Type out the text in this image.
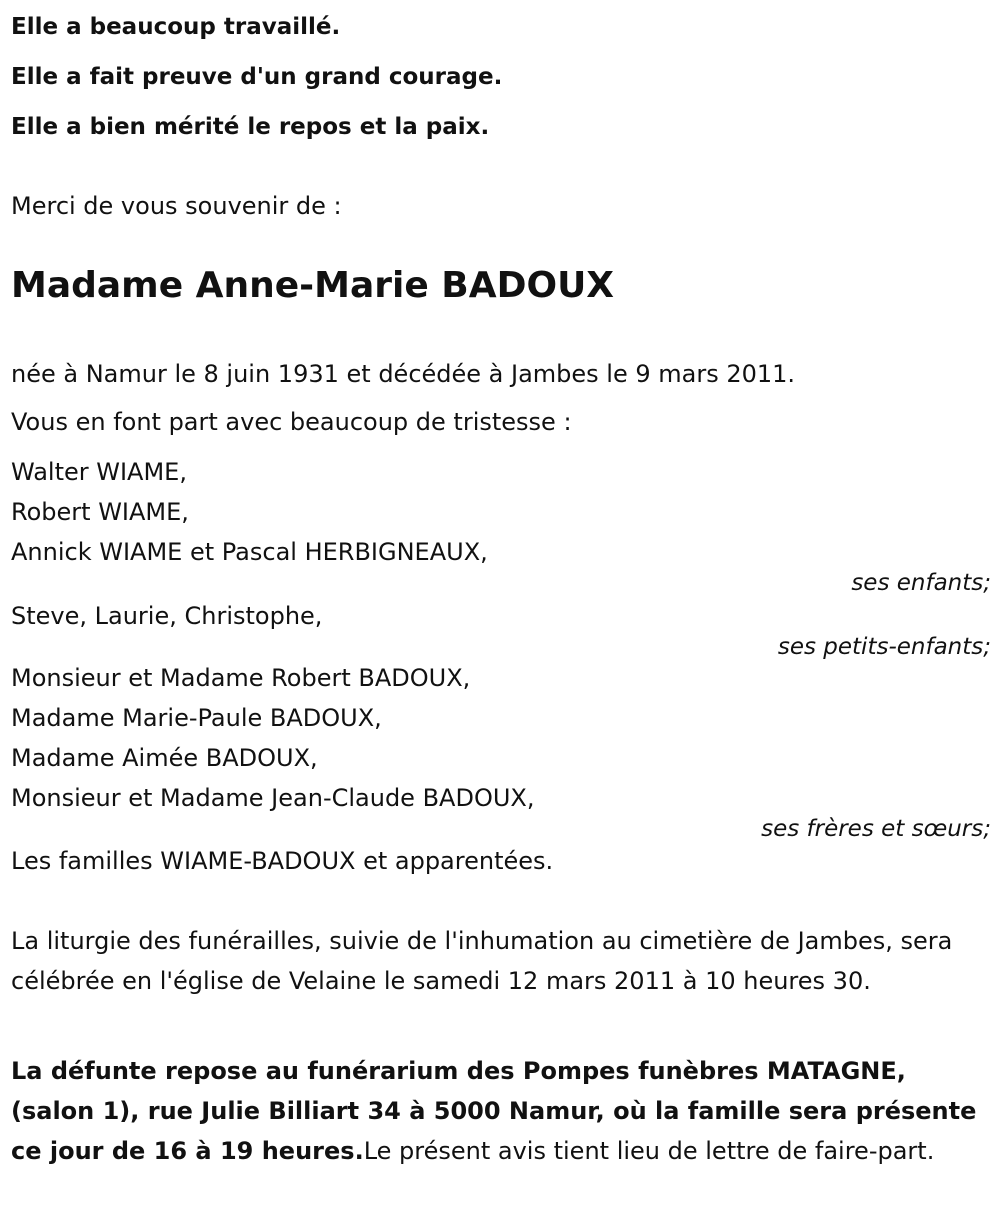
Elle a beaucoup travaillé.
Elle a fait preuve d'un grand courage.
Elle a bien mérité le repos et la paix.
Merci de vous souvenir de :
Madame Anne-Marie BADOUX
née à Namur le 8 juin 1931 et décédée à Jambes le 9 mars 2011.
Vous en font part avec beaucoup de tristesse :
Walter WIAME,
Robert WIAME,
Annick WIAME et Pascal HERBIGNEAUX,
ses enfants;
Steve, Laurie, Christophe,
ses petits-enfants;
Monsieur et Madame Robert BADOUX,
Madame Marie-Paule BADOUX,
Madame Aimée BADOUX,
Monsieur et Madame Jean-Claude BADOUX,
ses frères et sœurs;
Les familles WIAME-BADOUX et apparentées.
La liturgie des funérailles, suivie de l'inhumation au cimetière de Jambes, sera célébrée en l'église de Velaine le samedi 12 mars 2011 à 10 heures 30.
La défunte repose au funérarium des Pompes funèbres MATAGNE, (salon 1), rue Julie Billiart 34 à 5000 Namur, où la famille sera présente ce jour de 16 à 19 heures.Le présent avis tient lieu de lettre de faire-part.
